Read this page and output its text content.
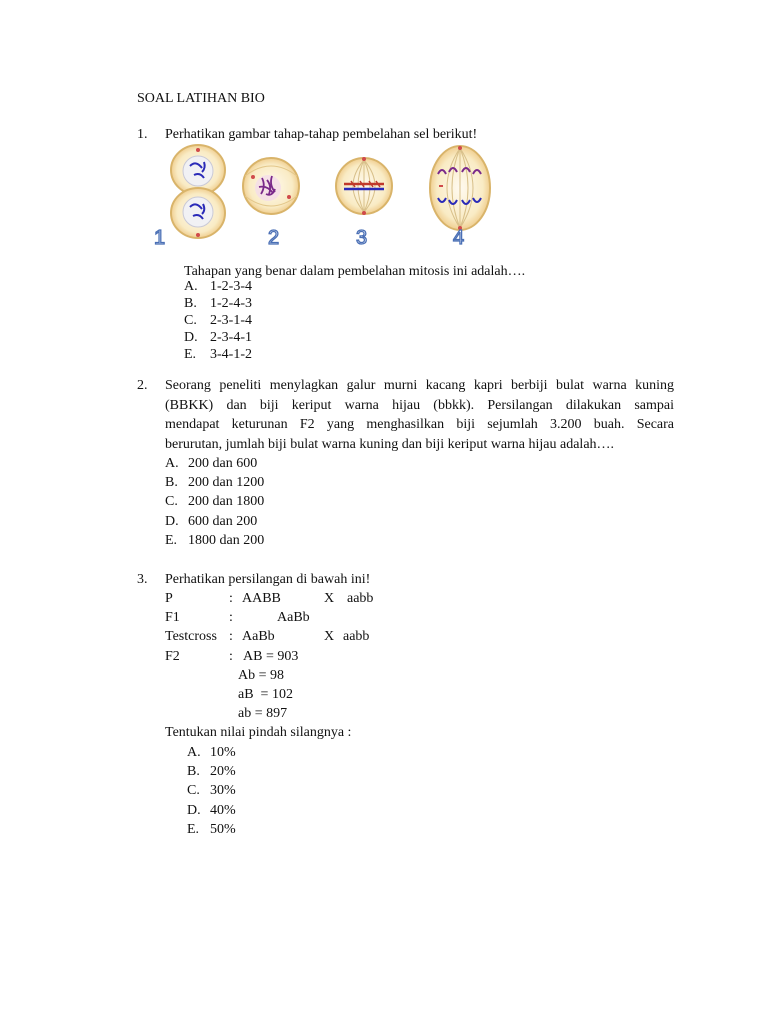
SOAL LATIHAN BIO
1. Perhatikan gambar tahap-tahap pembelahan sel berikut!
1	2	3	4
Tahapan yang benar dalam pembelahan mitosis ini adalah….
A. 1-2-3-4
B. 1-2-4-3
C. 2-3-1-4
D. 2-3-4-1
E. 3-4-1-2
2. Seorang peneliti menylagkan galur murni kacang kapri berbiji bulat warna kuning
(BBKK) dan biji keriput warna hijau (bbkk). Persilangan dilakukan sampai
mendapat keturunan F2 yang menghasilkan biji sejumlah 3.200 buah. Secara
berurutan, jumlah biji bulat warna kuning dan biji keriput warna hijau adalah….
A. 200 dan 600
B. 200 dan 1200
C. 200 dan 1800
D. 600 dan 200
E. 1800 dan 200
3. Perhatikan persilangan di bawah ini!
P	: AABB	X aabb
F1	:	AaBb
Testcross : AaBb	X aabb
F2	: AB = 903
Ab = 98
aB  = 102
ab = 897
Tentukan nilai pindah silangnya :
A. 10%
B. 20%
C. 30%
D. 40%
E. 50%
